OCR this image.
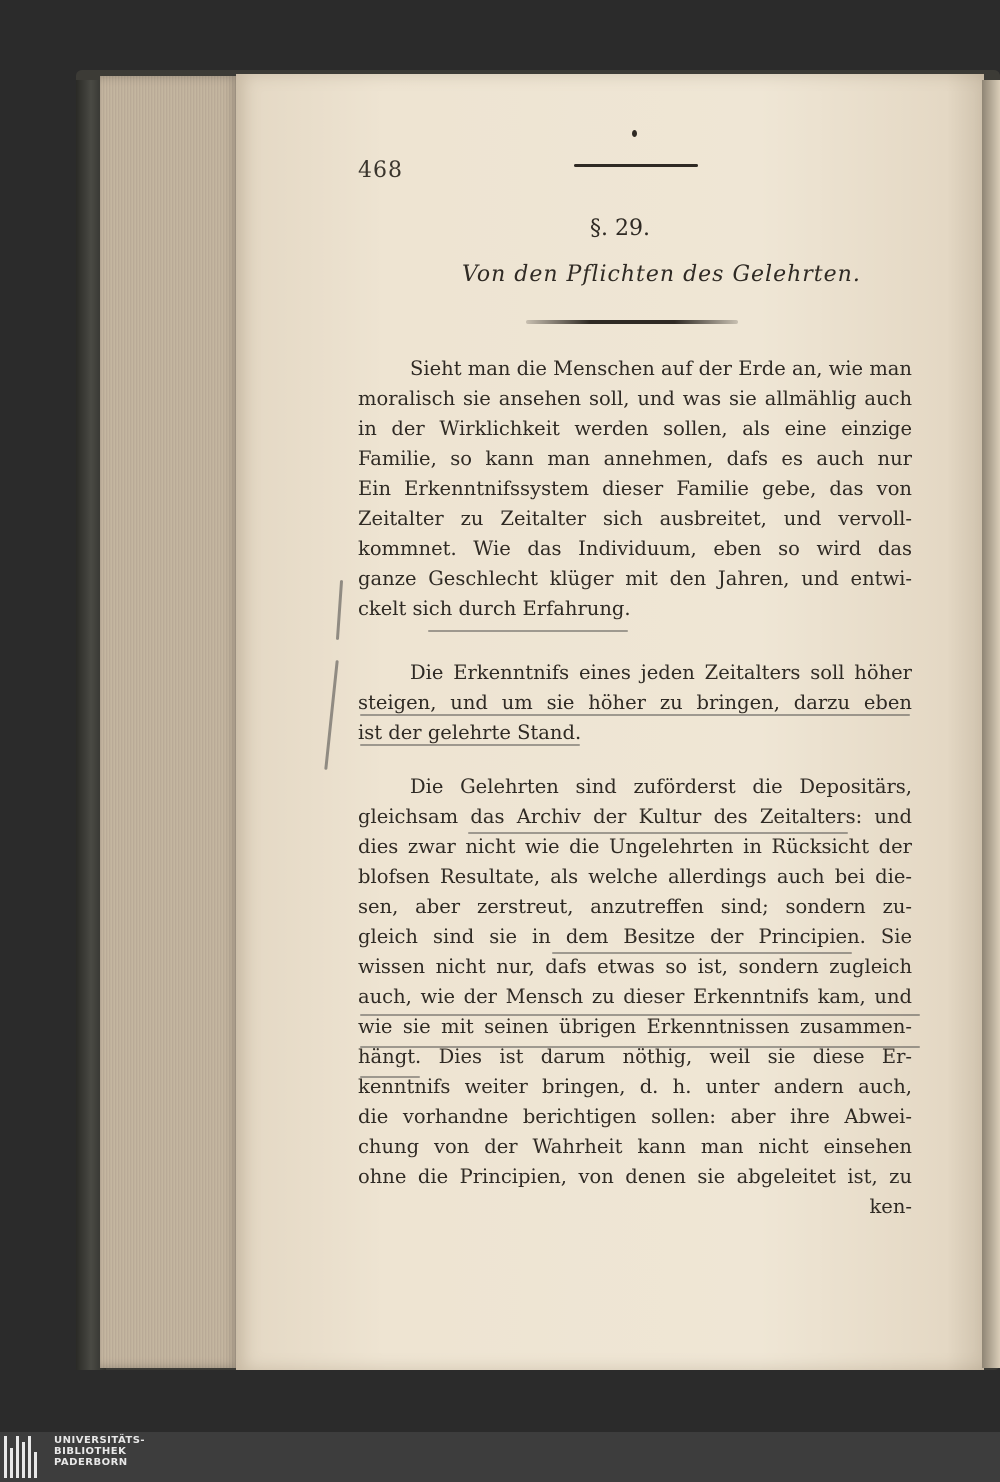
468
§. 29.
Von den Pflichten des Gelehrten.
Sieht man die Menschen auf der Erde an, wie man
moralisch sie ansehen soll, und was sie allmählig auch
in der Wirklichkeit werden sollen, als eine einzige
Familie, so kann man annehmen, dafs es auch nur
Ein Erkenntnifssystem dieser Familie gebe, das von
Zeitalter zu Zeitalter sich ausbreitet, und vervoll-
kommnet. Wie das Individuum, eben so wird das
ganze Geschlecht klüger mit den Jahren, und entwi-
ckelt sich durch Erfahrung.
Die Erkenntnifs eines jeden Zeitalters soll höher
steigen, und um sie höher zu bringen, darzu eben
ist der gelehrte Stand.
Die Gelehrten sind zuförderst die Depositärs,
gleichsam das Archiv der Kultur des Zeitalters: und
dies zwar nicht wie die Ungelehrten in Rücksicht der
blofsen Resultate, als welche allerdings auch bei die-
sen, aber zerstreut, anzutreffen sind; sondern zu-
gleich sind sie in dem Besitze der Principien. Sie
wissen nicht nur, dafs etwas so ist, sondern zugleich
auch, wie der Mensch zu dieser Erkenntnifs kam, und
wie sie mit seinen übrigen Erkenntnissen zusammen-
hängt. Dies ist darum nöthig, weil sie diese Er-
kenntnifs weiter bringen, d. h. unter andern auch,
die vorhandne berichtigen sollen: aber ihre Abwei-
chung von der Wahrheit kann man nicht einsehen
ohne die Principien, von denen sie abgeleitet ist, zu
ken-
UNIVERSITÄTS-
BIBLIOTHEK
PADERBORN
